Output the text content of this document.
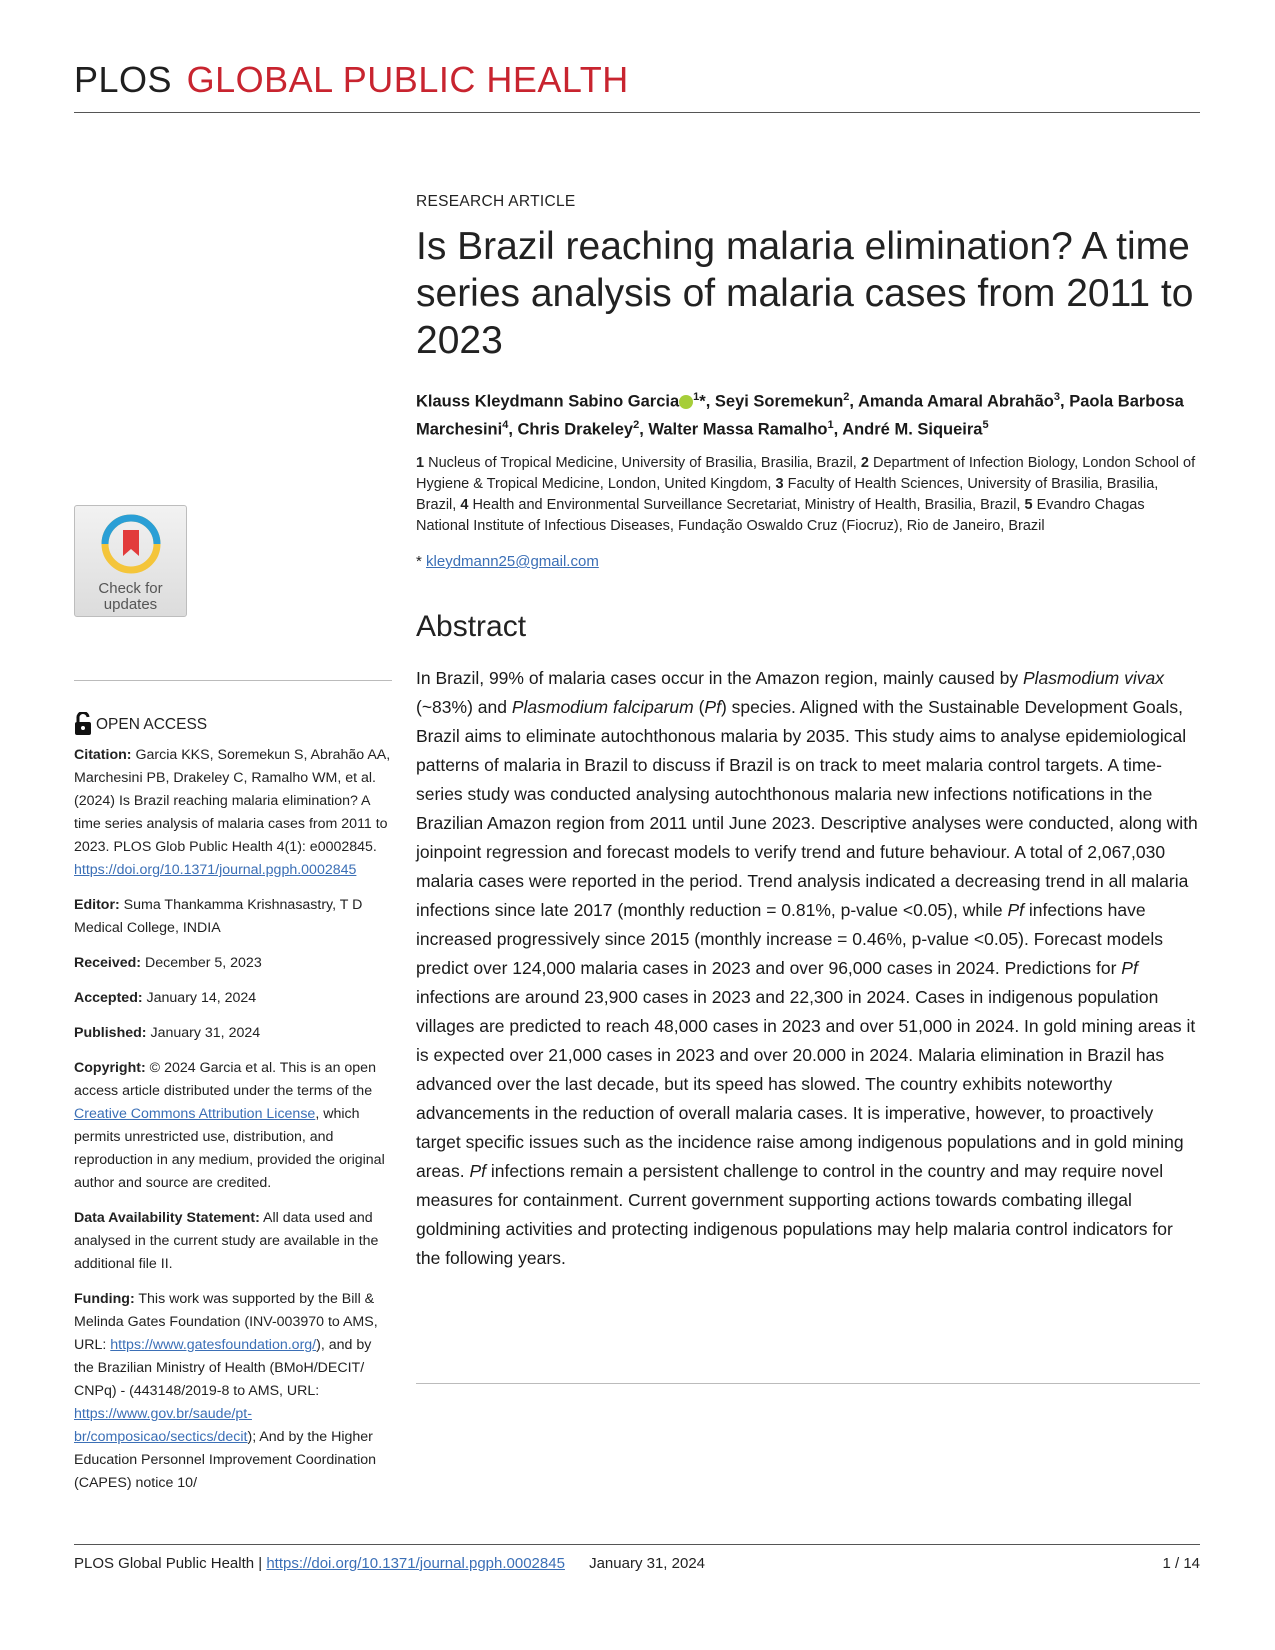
PLOS GLOBAL PUBLIC HEALTH
Check for
updates
OPEN ACCESS
Citation: Garcia KKS, Soremekun S, Abrahão AA, Marchesini PB, Drakeley C, Ramalho WM, et al. (2024) Is Brazil reaching malaria elimination? A time series analysis of malaria cases from 2011 to 2023. PLOS Glob Public Health 4(1): e0002845. https://doi.org/10.1371/journal.pgph.0002845
Editor: Suma Thankamma Krishnasastry, T D Medical College, INDIA
Received: December 5, 2023
Accepted: January 14, 2024
Published: January 31, 2024
Copyright: © 2024 Garcia et al. This is an open access article distributed under the terms of the Creative Commons Attribution License, which permits unrestricted use, distribution, and reproduction in any medium, provided the original author and source are credited.
Data Availability Statement: All data used and analysed in the current study are available in the additional file II.
Funding: This work was supported by the Bill & Melinda Gates Foundation (INV-003970 to AMS, URL: https://www.gatesfoundation.org/), and by the Brazilian Ministry of Health (BMoH/DECIT/ CNPq) - (443148/2019-8 to AMS, URL: https://www.gov.br/saude/pt-br/composicao/sectics/decit); And by the Higher Education Personnel Improvement Coordination (CAPES) notice 10/
RESEARCH ARTICLE
Is Brazil reaching malaria elimination? A time series analysis of malaria cases from 2011 to 2023
Klauss Kleydmann Sabino Garcia $^1$*, Seyi Soremekun$^2$, Amanda Amaral Abrahão$^3$, Paola Barbosa Marchesini$^4$, Chris Drakeley$^2$, Walter Massa Ramalho$^1$, André M. Siqueira$^5$
1 Nucleus of Tropical Medicine, University of Brasilia, Brasilia, Brazil, 2 Department of Infection Biology, London School of Hygiene & Tropical Medicine, London, United Kingdom, 3 Faculty of Health Sciences, University of Brasilia, Brasilia, Brazil, 4 Health and Environmental Surveillance Secretariat, Ministry of Health, Brasilia, Brazil, 5 Evandro Chagas National Institute of Infectious Diseases, Fundação Oswaldo Cruz (Fiocruz), Rio de Janeiro, Brazil
* kleydmann25@gmail.com
Abstract
In Brazil, 99% of malaria cases occur in the Amazon region, mainly caused by Plasmodium vivax (~83%) and Plasmodium falciparum (Pf) species. Aligned with the Sustainable Development Goals, Brazil aims to eliminate autochthonous malaria by 2035. This study aims to analyse epidemiological patterns of malaria in Brazil to discuss if Brazil is on track to meet malaria control targets. A time-series study was conducted analysing autochthonous malaria new infections notifications in the Brazilian Amazon region from 2011 until June 2023. Descriptive analyses were conducted, along with joinpoint regression and forecast models to verify trend and future behaviour. A total of 2,067,030 malaria cases were reported in the period. Trend analysis indicated a decreasing trend in all malaria infections since late 2017 (monthly reduction = 0.81%, p-value <0.05), while Pf infections have increased progressively since 2015 (monthly increase = 0.46%, p-value <0.05). Forecast models predict over 124,000 malaria cases in 2023 and over 96,000 cases in 2024. Predictions for Pf infections are around 23,900 cases in 2023 and 22,300 in 2024. Cases in indigenous population villages are predicted to reach 48,000 cases in 2023 and over 51,000 in 2024. In gold mining areas it is expected over 21,000 cases in 2023 and over 20.000 in 2024. Malaria elimination in Brazil has advanced over the last decade, but its speed has slowed. The country exhibits noteworthy advancements in the reduction of overall malaria cases. It is imperative, however, to proactively target specific issues such as the incidence raise among indigenous populations and in gold mining areas. Pf infections remain a persistent challenge to control in the country and may require novel measures for containment. Current government supporting actions towards combating illegal goldmining activities and protecting indigenous populations may help malaria control indicators for the following years.
PLOS Global Public Health | https://doi.org/10.1371/journal.pgph.0002845 January 31, 2024	1 / 14
